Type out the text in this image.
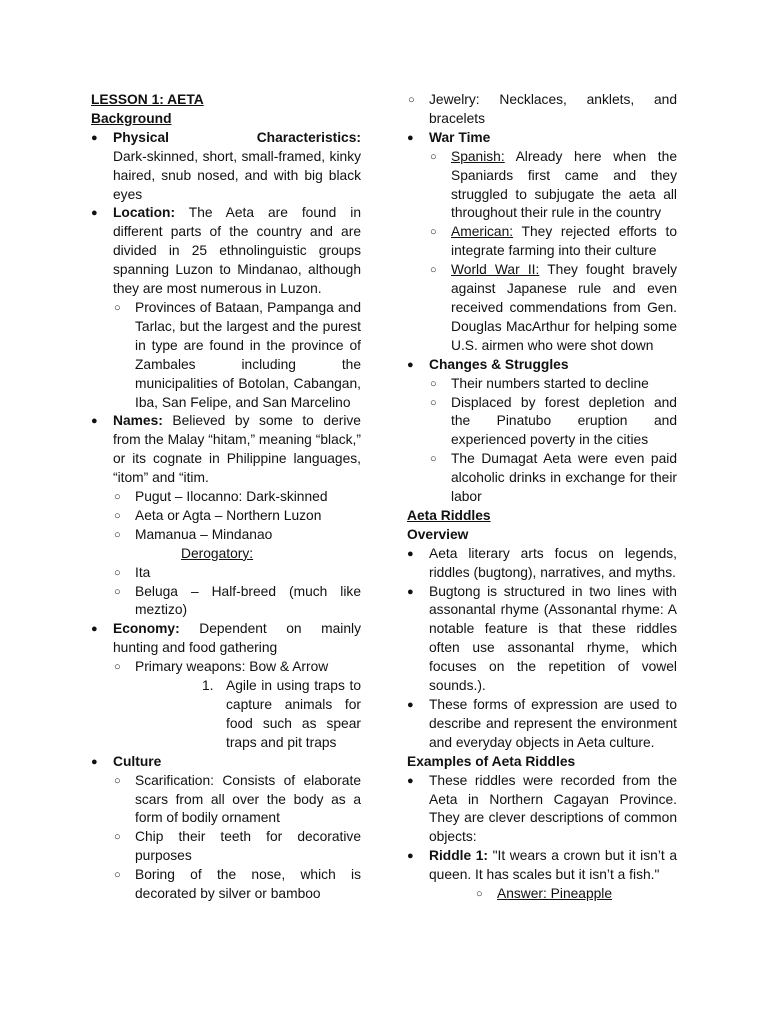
LESSON 1: AETA
Background
● Physical Characteristics:
Dark-skinned, short, small-framed, kinky haired, snub nosed, and with big black eyes
● Location: The Aeta are found in different parts of the country and are divided in 25 ethnolinguistic groups spanning Luzon to Mindanao, although they are most numerous in Luzon.
○ Provinces of Bataan, Pampanga and Tarlac, but the largest and the purest in type are found in the province of Zambales including the municipalities of Botolan, Cabangan, Iba, San Felipe, and San Marcelino
● Names: Believed by some to derive from the Malay “hitam,” meaning “black,” or its cognate in Philippine languages, “itom” and “itim.
○ Pugut – Ilocanno: Dark-skinned
○ Aeta or Agta – Northern Luzon
○ Mamanua – Mindanao
Derogatory:
○ Ita
○ Beluga – Half-breed (much like meztizo)
● Economy: Dependent on mainly hunting and food gathering
○ Primary weapons: Bow & Arrow
1. Agile in using traps to capture animals for food such as spear traps and pit traps
● Culture
○ Scarification: Consists of elaborate scars from all over the body as a form of bodily ornament
○ Chip their teeth for decorative purposes
○ Boring of the nose, which is decorated by silver or bamboo
○ Jewelry: Necklaces, anklets, and bracelets
● War Time
○ Spanish: Already here when the Spaniards first came and they struggled to subjugate the aeta all throughout their rule in the country
○ American: They rejected efforts to integrate farming into their culture
○ World War II: They fought bravely against Japanese rule and even received commendations from Gen. Douglas MacArthur for helping some U.S. airmen who were shot down
● Changes & Struggles
○ Their numbers started to decline
○ Displaced by forest depletion and the Pinatubo eruption and experienced poverty in the cities
○ The Dumagat Aeta were even paid alcoholic drinks in exchange for their labor
Aeta Riddles
Overview
● Aeta literary arts focus on legends, riddles (bugtong), narratives, and myths.
● Bugtong is structured in two lines with assonantal rhyme (Assonantal rhyme: A notable feature is that these riddles often use assonantal rhyme, which focuses on the repetition of vowel sounds.).
● These forms of expression are used to describe and represent the environment and everyday objects in Aeta culture.
Examples of Aeta Riddles
● These riddles were recorded from the Aeta in Northern Cagayan Province. They are clever descriptions of common objects:
● Riddle 1: "It wears a crown but it isn’t a queen. It has scales but it isn’t a fish."
○ Answer: Pineapple
